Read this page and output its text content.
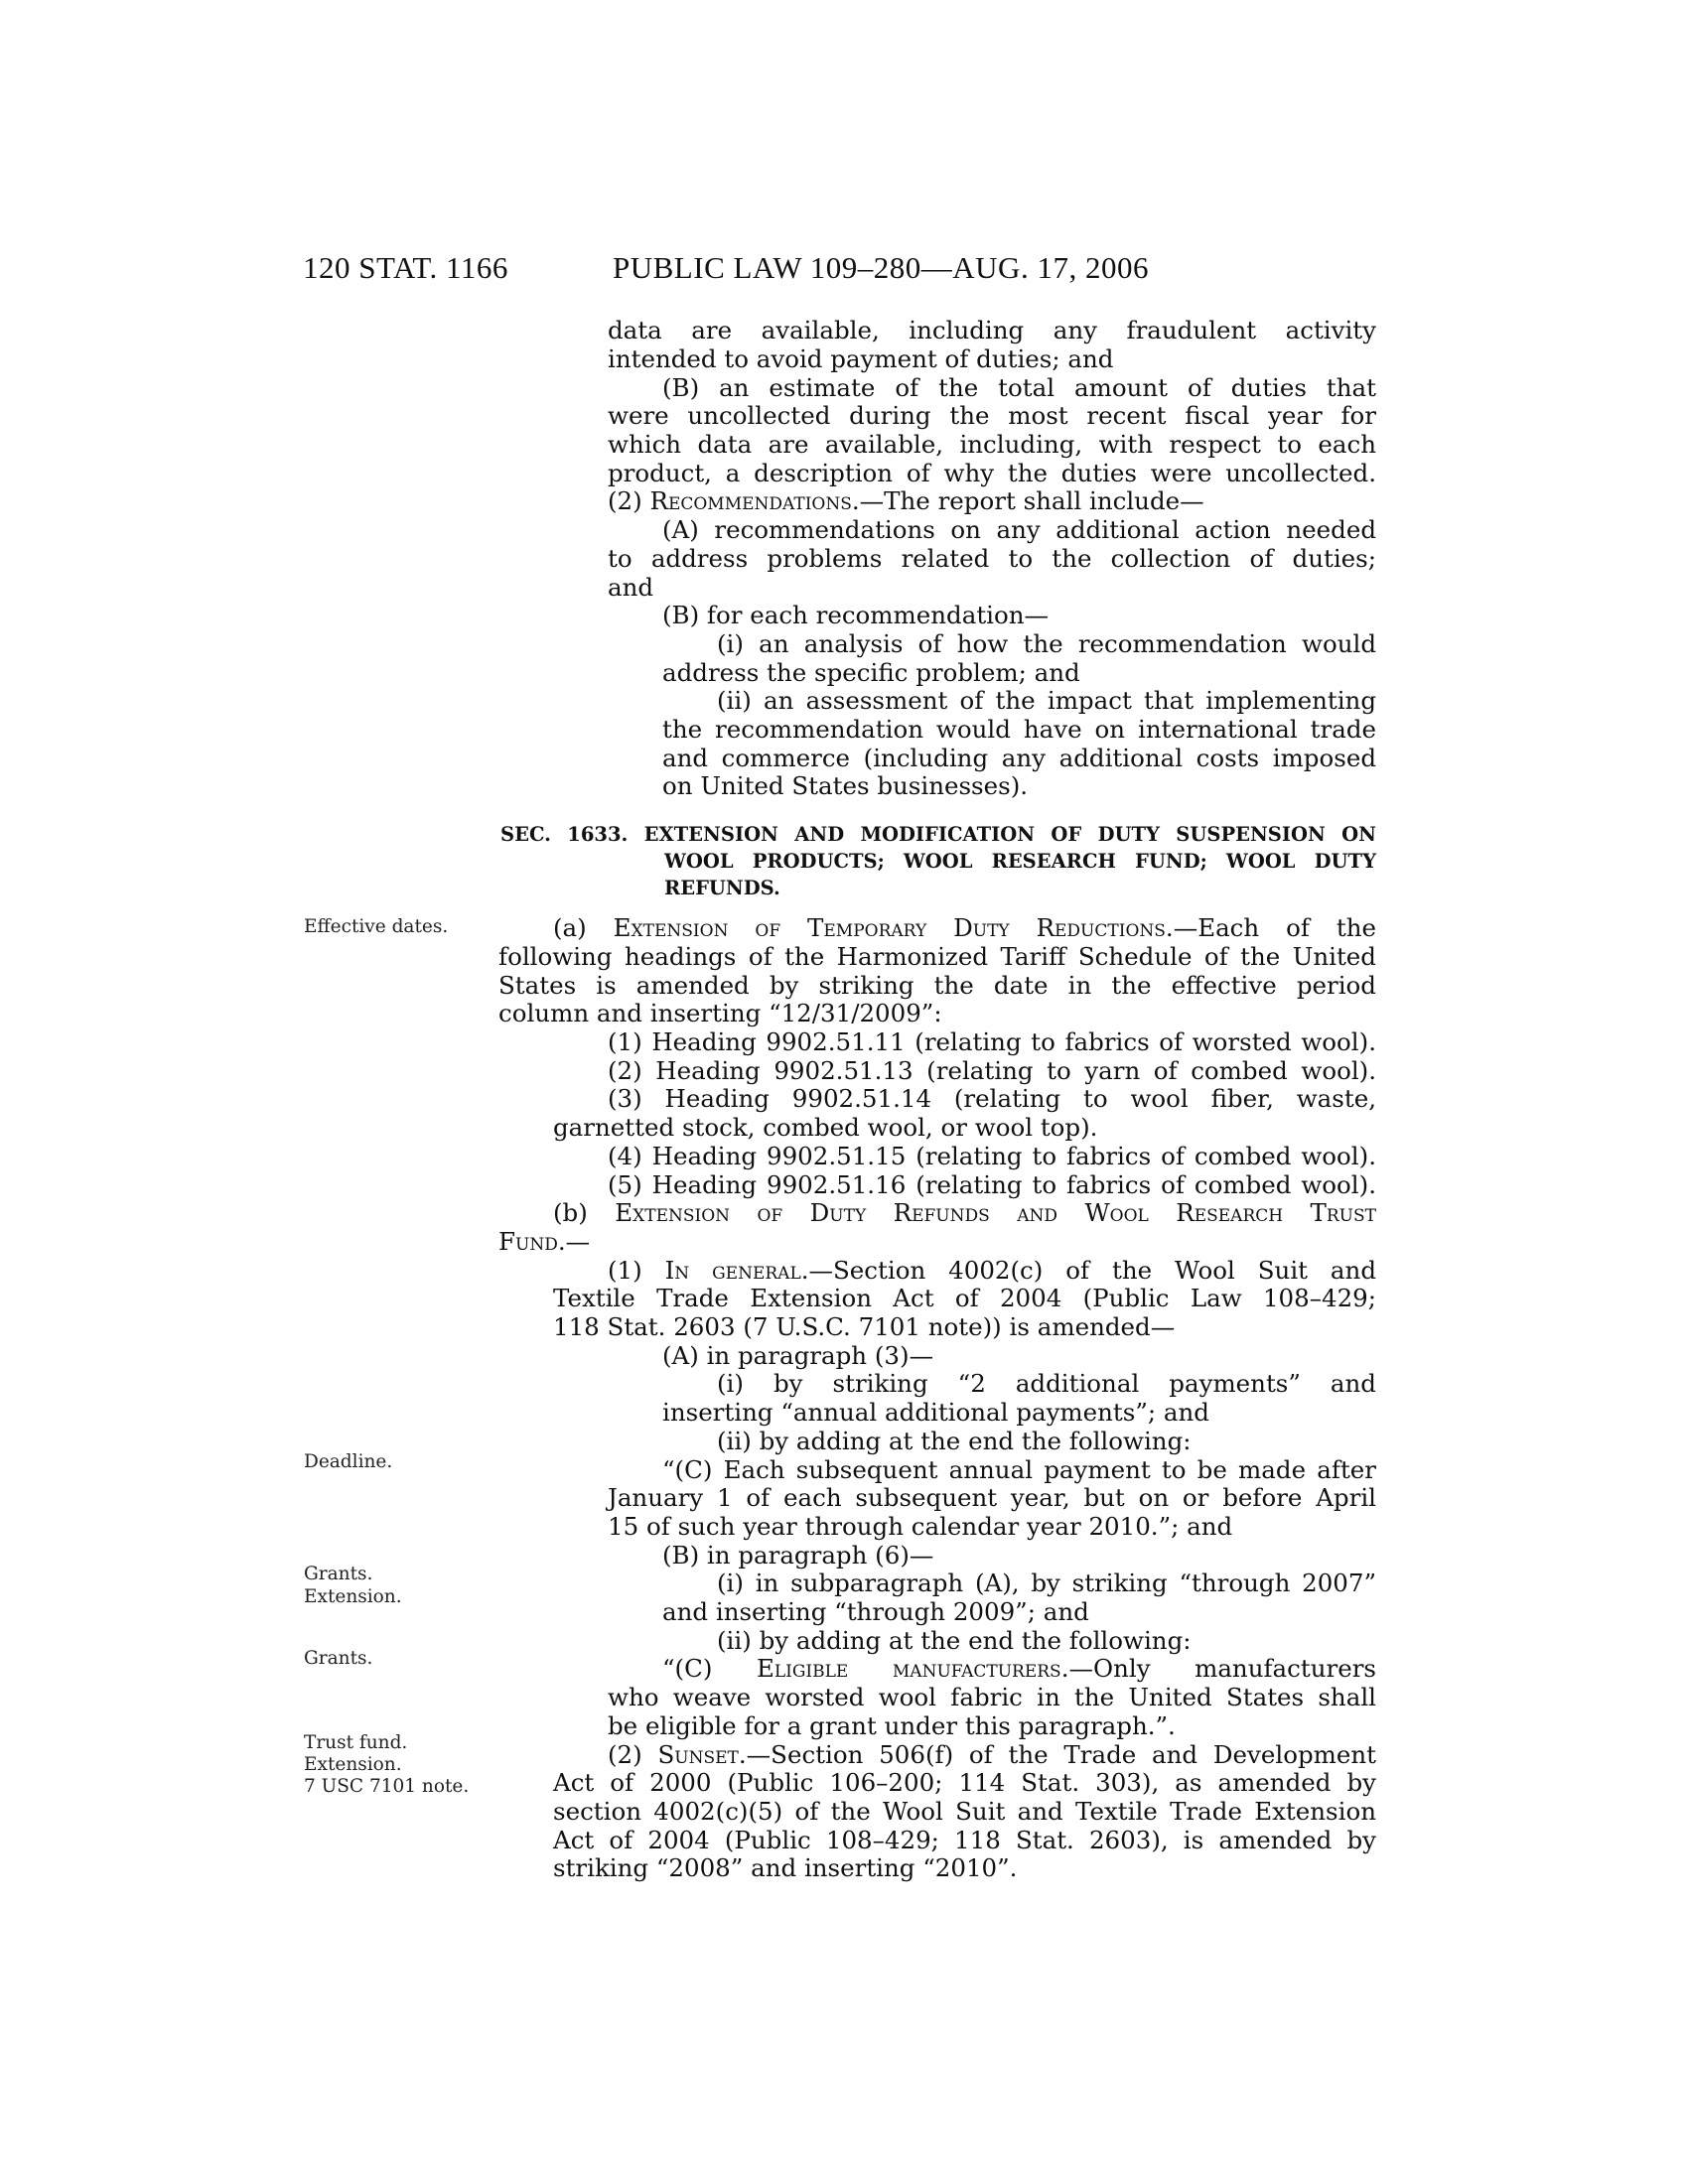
120 STAT. 1166	PUBLIC LAW 109–280—AUG. 17, 2006
Effective dates.
Deadline.
Grants.
Extension.
Grants.
Trust fund.
Extension.
7 USC 7101 note.
data are available, including any fraudulent activity
intended to avoid payment of duties; and
(B) an estimate of the total amount of duties that
were uncollected during the most recent fiscal year for
which data are available, including, with respect to each
product, a description of why the duties were uncollected.
(2) Recommendations.—The report shall include—
(A) recommendations on any additional action needed
to address problems related to the collection of duties;
and
(B) for each recommendation—
(i) an analysis of how the recommendation would
address the specific problem; and
(ii) an assessment of the impact that implementing
the recommendation would have on international trade
and commerce (including any additional costs imposed
on United States businesses).
SEC. 1633. EXTENSION AND MODIFICATION OF DUTY SUSPENSION ON
WOOL PRODUCTS; WOOL RESEARCH FUND; WOOL DUTY
REFUNDS.
(a) Extension of Temporary Duty Reductions.—Each of the
following headings of the Harmonized Tariff Schedule of the United
States is amended by striking the date in the effective period
column and inserting “12/31/2009”:
(1) Heading 9902.51.11 (relating to fabrics of worsted wool).
(2) Heading 9902.51.13 (relating to yarn of combed wool).
(3) Heading 9902.51.14 (relating to wool fiber, waste,
garnetted stock, combed wool, or wool top).
(4) Heading 9902.51.15 (relating to fabrics of combed wool).
(5) Heading 9902.51.16 (relating to fabrics of combed wool).
(b) Extension of Duty Refunds and Wool Research Trust
Fund.—
(1) In general.—Section 4002(c) of the Wool Suit and
Textile Trade Extension Act of 2004 (Public Law 108–429;
118 Stat. 2603 (7 U.S.C. 7101 note)) is amended—
(A) in paragraph (3)—
(i) by striking “2 additional payments” and
inserting “annual additional payments”; and
(ii) by adding at the end the following:
“(C) Each subsequent annual payment to be made after
January 1 of each subsequent year, but on or before April
15 of such year through calendar year 2010.”; and
(B) in paragraph (6)—
(i) in subparagraph (A), by striking “through 2007”
and inserting “through 2009”; and
(ii) by adding at the end the following:
“(C) Eligible manufacturers.—Only manufacturers
who weave worsted wool fabric in the United States shall
be eligible for a grant under this paragraph.”.
(2) Sunset.—Section 506(f) of the Trade and Development
Act of 2000 (Public 106–200; 114 Stat. 303), as amended by
section 4002(c)(5) of the Wool Suit and Textile Trade Extension
Act of 2004 (Public 108–429; 118 Stat. 2603), is amended by
striking “2008” and inserting “2010”.
